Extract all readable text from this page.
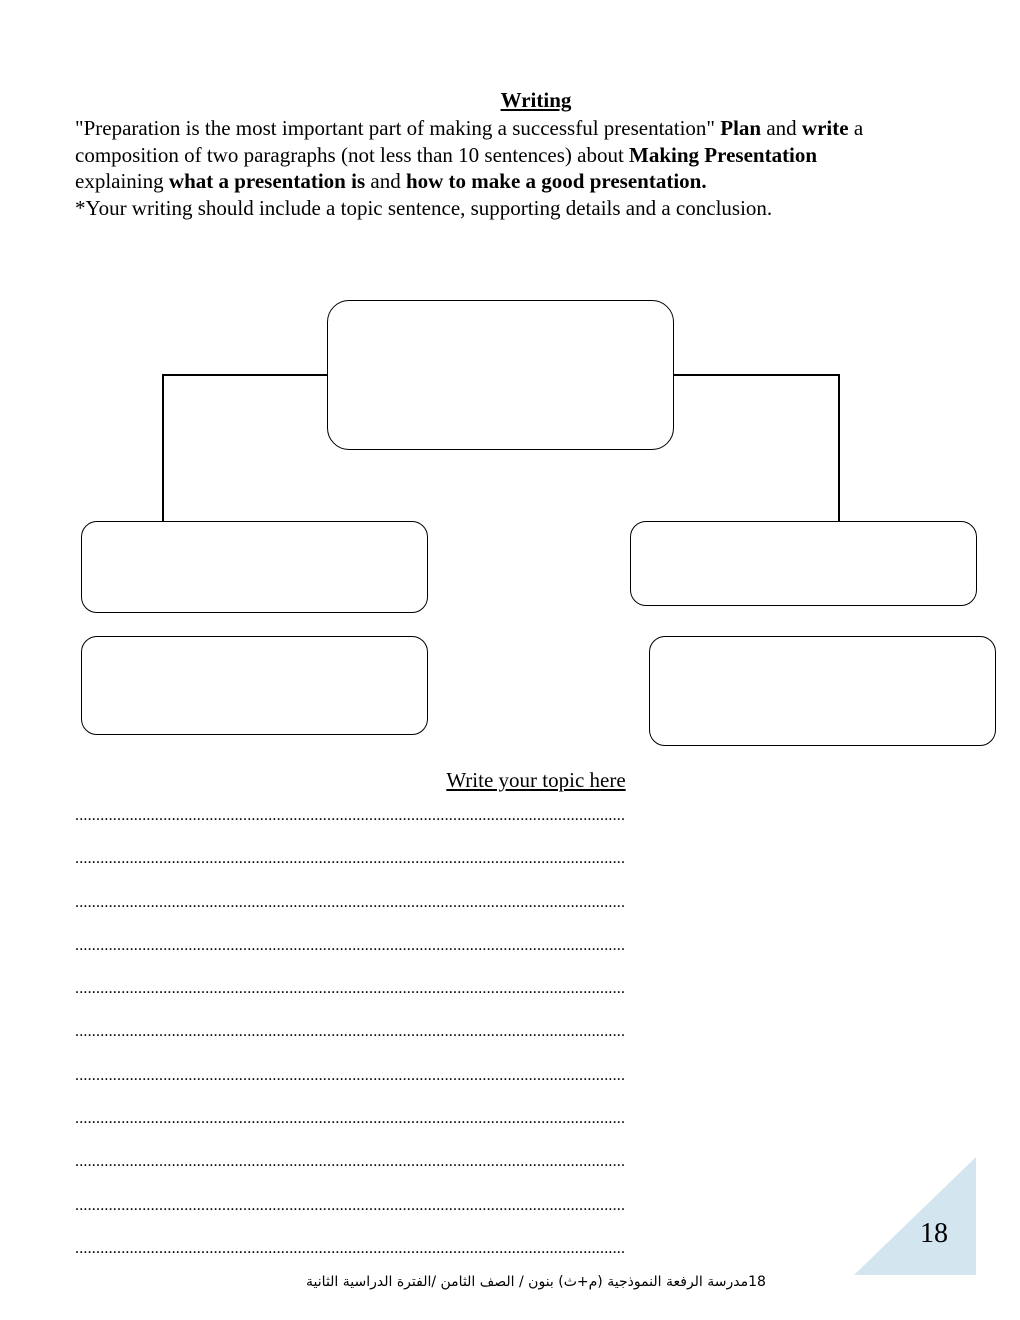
Writing
"Preparation is the most important part of making a successful presentation" Plan and write a
composition of two paragraphs (not less than 10 sentences) about Making Presentation
explaining what a presentation is and how to make a good presentation.
*Your writing should include a topic sentence, supporting details and a conclusion.
Write your topic here
...................................................................................................................................
...................................................................................................................................
...................................................................................................................................
...................................................................................................................................
...................................................................................................................................
...................................................................................................................................
...................................................................................................................................
...................................................................................................................................
...................................................................................................................................
...................................................................................................................................
...................................................................................................................................	18
18مدرسة الرفعة النموذجية (م+ث) بنون / الصف الثامن /الفترة الدراسية الثانية
